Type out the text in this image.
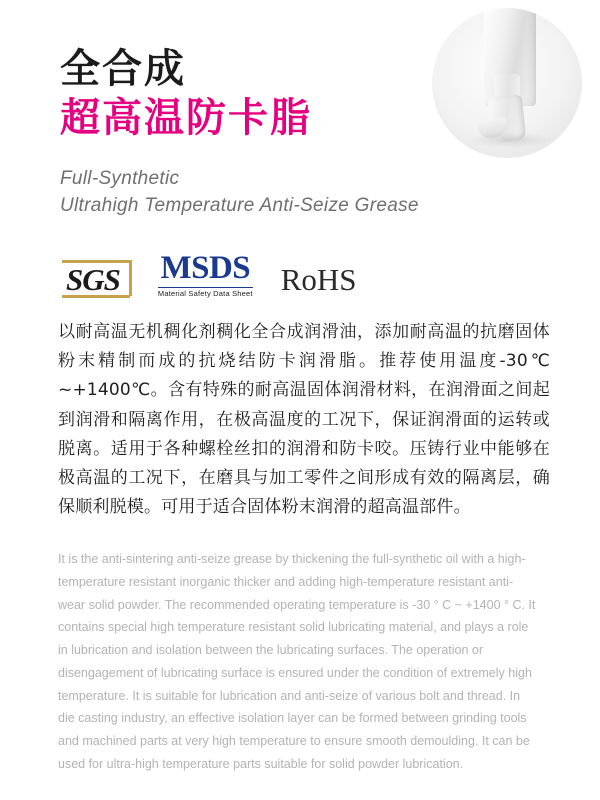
全合成
超高温防卡脂
Full-Synthetic
Ultrahigh Temperature Anti-Seize Grease
SGS MSDS
Material Safety Data Sheet RoHS
以耐高温无机稠化剂稠化全合成润滑油，添加耐高温的抗磨固体粉末精制而成的抗烧结防卡润滑脂。推荐使用温度-30℃ ~+1400℃。含有特殊的耐高温固体润滑材料，在润滑面之间起到润滑和隔离作用，在极高温度的工况下，保证润滑面的运转或脱离。适用于各种螺栓丝扣的润滑和防卡咬。压铸行业中能够在极高温的工况下，在磨具与加工零件之间形成有效的隔离层，确保顺利脱模。可用于适合固体粉末润滑的超高温部件。
It is the anti-sintering anti-seize grease by thickening the full-synthetic oil with a high-temperature resistant inorganic thicker and adding high-temperature resistant anti-wear solid powder. The recommended operating temperature is -30 ° C ~ +1400 ° C. It contains special high temperature resistant solid lubricating material, and plays a role in lubrication and isolation between the lubricating surfaces. The operation or disengagement of lubricating surface is ensured under the condition of extremely high temperature. It is suitable for lubrication and anti-seize of various bolt and thread. In die casting industry, an effective isolation layer can be formed between grinding tools and machined parts at very high temperature to ensure smooth demoulding. It can be used for ultra-high temperature parts suitable for solid powder lubrication.
